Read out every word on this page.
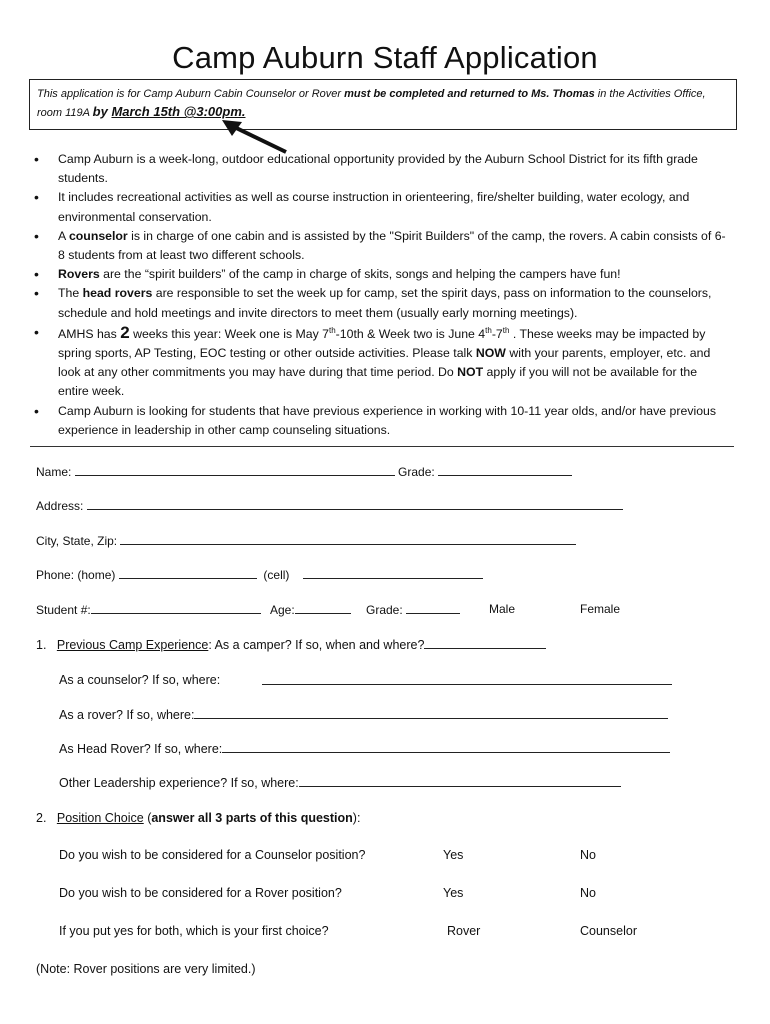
Camp Auburn Staff Application
This application is for Camp Auburn Cabin Counselor or Rover must be completed and returned to Ms. Thomas in the Activities Office, room 119A by March 15th @3:00pm.
• Camp Auburn is a week-long, outdoor educational opportunity provided by the Auburn School District for its fifth grade students.
• It includes recreational activities as well as course instruction in orienteering, fire/shelter building, water ecology, and environmental conservation.
• A counselor is in charge of one cabin and is assisted by the "Spirit Builders" of the camp, the rovers. A cabin consists of 6-8 students from at least two different schools.
• Rovers are the “spirit builders” of the camp in charge of skits, songs and helping the campers have fun!
• The head rovers are responsible to set the week up for camp, set the spirit days, pass on information to the counselors, schedule and hold meetings and invite directors to meet them (usually early morning meetings).
• AMHS has 2 weeks this year: Week one is May 7th-10th & Week two is June 4th-7th . These weeks may be impacted by spring sports, AP Testing, EOC testing or other outside activities. Please talk NOW with your parents, employer, etc. and look at any other commitments you may have during that time period. Do NOT apply if you will not be available for the entire week.
• Camp Auburn is looking for students that have previous experience in working with 10-11 year olds, and/or have previous experience in leadership in other camp counseling situations.
Name:	Grade:
Address:
City, State, Zip:
Phone: (home)	(cell)
Student #:	Age:	Grade:	Male	Female
1. Previous Camp Experience: As a camper? If so, when and where?
As a counselor? If so, where:
As a rover? If so, where:
As Head Rover? If so, where:
Other Leadership experience? If so, where:
2. Position Choice (answer all 3 parts of this question):
Do you wish to be considered for a Counselor position?	Yes	No
Do you wish to be considered for a Rover position?	Yes	No
If you put yes for both, which is your first choice?	Rover	Counselor
(Note: Rover positions are very limited.)
